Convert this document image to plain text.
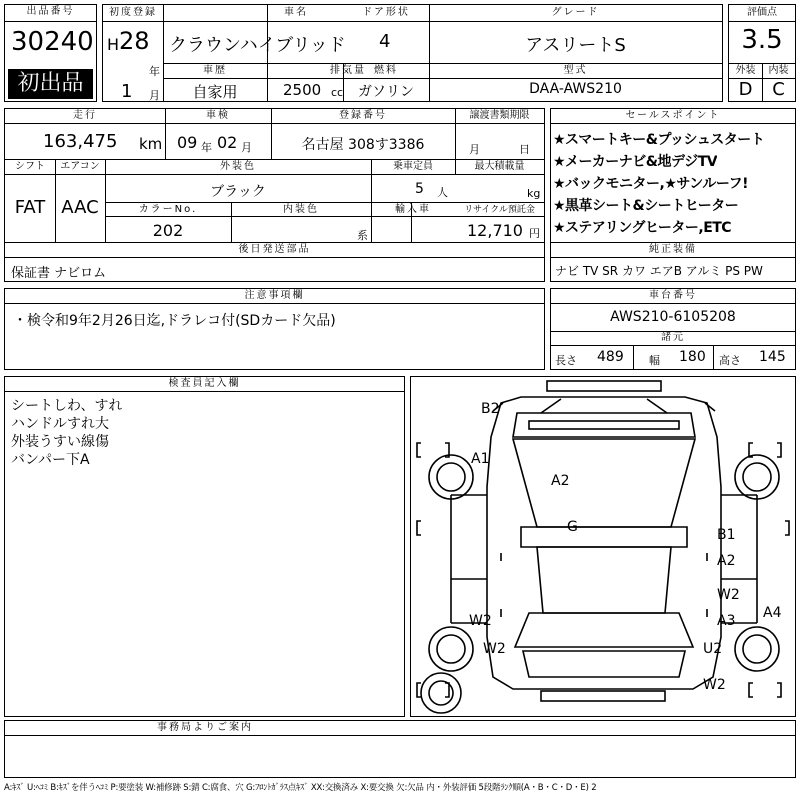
出品番号
30240
初出品
初度登録
H 28
年
1 月
車名
クラウンハイブリッド
車歴
自家用
排気量
2500 cc
ドア形状
4
燃料
ガソリン
グレード
アスリートS
型式
DAA-AWS210
評価点
3.5
外装	内装
D	C
走行
163,475 km
車検
09 年 02 月
登録番号
名古屋 308す3386
譲渡書類期限
月	日
シフト
FAT
エアコン
AAC
外装色
ブラック
乗車定員
5 人
最大積載量
kg
カラーNo.
202
内装色
系
輸入車	リサイクル預託金
12,710 円
後日発送部品
保証書 ナビロム
セールスポイント
★スマートキー&プッシュスタート
★メーカーナビ&地デジTV
★バックモニター,★サンルーフ!
★黒革シート&シートヒーター
★ステアリングヒーター,ETC
純正装備
ナビ TV SR カワ エアB アルミ PS PW
注意事項欄
・検令和9年2月26日迄,ドラレコ付(SDカード欠品)
車台番号
AWS210-6105208
諸元
長さ 489 幅 180 高さ 145
検査員記入欄
シートしわ、すれ
ハンドルすれ大
外装うすい線傷
バンパー下A
B2
A1
A2
G	B1
A2
W2
A3 A4
W2
U2
W2
W2
事務局よりご案内
A:ｷｽﾞ U:ﾍｺﾐ B:ｷｽﾞを伴うﾍｺﾐ P:要塗装 W:補修跡 S:錆 C:腐食、穴 G:ﾌﾛﾝﾄｶﾞﾗｽ点ｷｽﾞ XX:交換済み X:要交換 欠:欠品 内・外装評価 5段階ﾗﾝｸ順(A・B・C・D・E) 2
